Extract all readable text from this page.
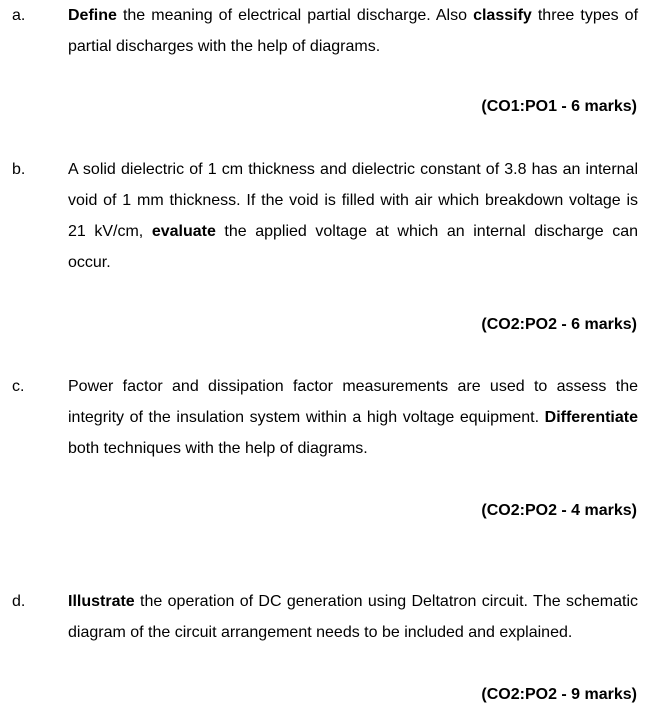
a.	Define the meaning of electrical partial discharge. Also classify three types of partial discharges with the help of diagrams.
(CO1:PO1 - 6 marks)
b.	A solid dielectric of 1 cm thickness and dielectric constant of 3.8 has an internal void of 1 mm thickness. If the void is filled with air which breakdown voltage is 21 kV/cm, evaluate the applied voltage at which an internal discharge can occur.
(CO2:PO2 - 6 marks)
c.	Power factor and dissipation factor measurements are used to assess the integrity of the insulation system within a high voltage equipment. Differentiate both techniques with the help of diagrams.
(CO2:PO2 - 4 marks)
d.	Illustrate the operation of DC generation using Deltatron circuit. The schematic diagram of the circuit arrangement needs to be included and explained.
(CO2:PO2 - 9 marks)
